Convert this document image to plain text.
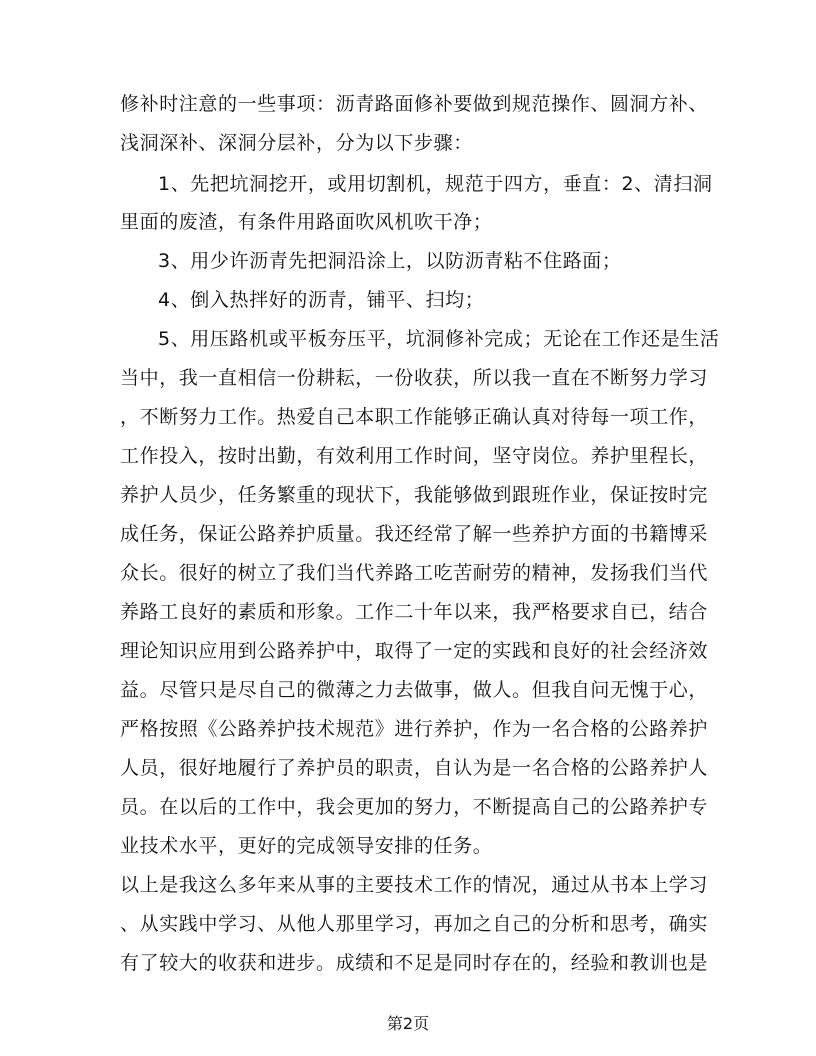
修补时注意的一些事项：沥青路面修补要做到规范操作、圆洞方补、
浅洞深补、深洞分层补，分为以下步骤：
1、先把坑洞挖开，或用切割机，规范于四方，垂直：2、清扫洞
里面的废渣，有条件用路面吹风机吹干净；
3、用少许沥青先把洞沿涂上，以防沥青粘不住路面；
4、倒入热拌好的沥青，铺平、扫均；
5、用压路机或平板夯压平，坑洞修补完成；无论在工作还是生活
当中，我一直相信一份耕耘，一份收获，所以我一直在不断努力学习
，不断努力工作。热爱自己本职工作能够正确认真对待每一项工作，
工作投入，按时出勤，有效利用工作时间，坚守岗位。养护里程长，
养护人员少，任务繁重的现状下，我能够做到跟班作业，保证按时完
成任务，保证公路养护质量。我还经常了解一些养护方面的书籍博采
众长。很好的树立了我们当代养路工吃苦耐劳的精神，发扬我们当代
养路工良好的素质和形象。工作二十年以来，我严格要求自已，结合
理论知识应用到公路养护中，取得了一定的实践和良好的社会经济效
益。尽管只是尽自己的微薄之力去做事，做人。但我自问无愧于心，
严格按照《公路养护技术规范》进行养护，作为一名合格的公路养护
人员，很好地履行了养护员的职责，自认为是一名合格的公路养护人
员。在以后的工作中，我会更加的努力，不断提高自己的公路养护专
业技术水平，更好的完成领导安排的任务。
以上是我这么多年来从事的主要技术工作的情况，通过从书本上学习
、从实践中学习、从他人那里学习，再加之自己的分析和思考，确实
有了较大的收获和进步。成绩和不足是同时存在的，经验和教训也是
第2页
